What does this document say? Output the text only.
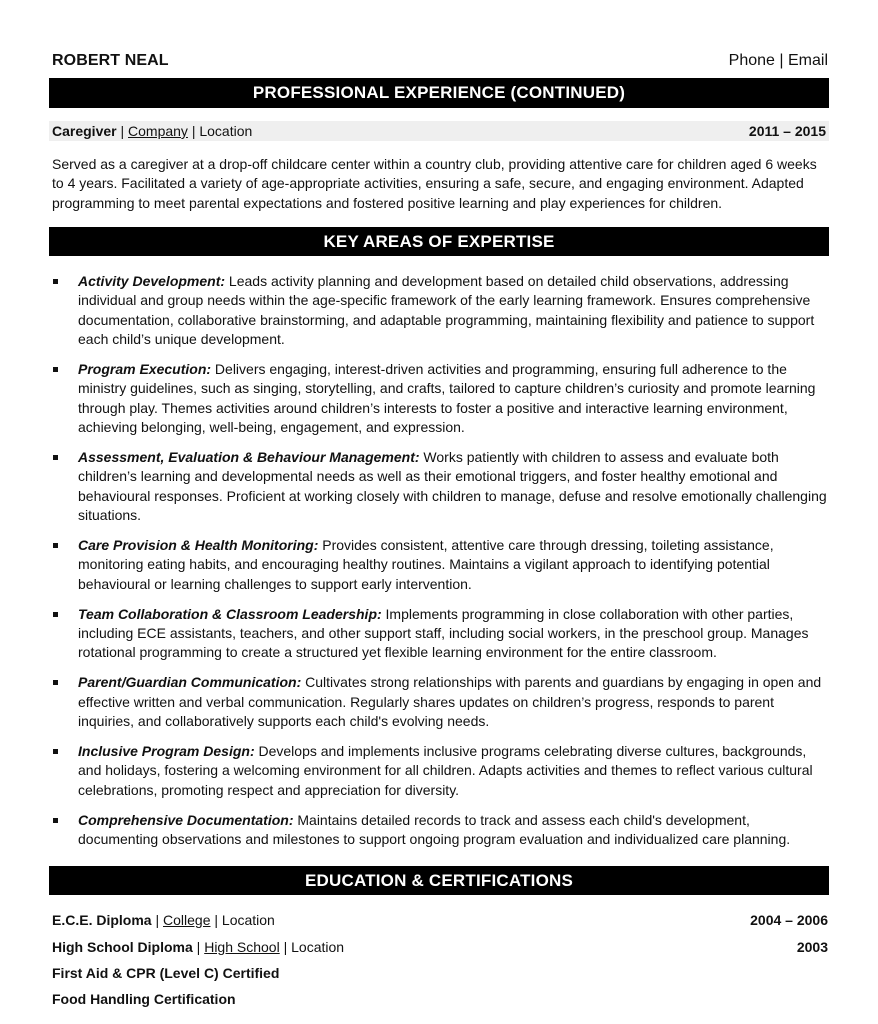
ROBERT NEAL	Phone | Email
PROFESSIONAL EXPERIENCE (CONTINUED)
Caregiver | Company | Location	2011 – 2015

Served as a caregiver at a drop-off childcare center within a country club, providing attentive care for children aged 6 weeks to 4 years. Facilitated a variety of age-appropriate activities, ensuring a safe, secure, and engaging environment. Adapted programming to meet parental expectations and fostered positive learning and play experiences for children.

KEY AREAS OF EXPERTISE
Activity Development: Leads activity planning and development based on detailed child observations, addressing individual and group needs within the age-specific framework of the early learning framework. Ensures comprehensive documentation, collaborative brainstorming, and adaptable programming, maintaining flexibility and patience to support each child’s unique development.
Program Execution: Delivers engaging, interest-driven activities and programming, ensuring full adherence to the ministry guidelines, such as singing, storytelling, and crafts, tailored to capture children’s curiosity and promote learning through play. Themes activities around children’s interests to foster a positive and interactive learning environment, achieving belonging, well-being, engagement, and expression.
Assessment, Evaluation & Behaviour Management: Works patiently with children to assess and evaluate both children’s learning and developmental needs as well as their emotional triggers, and foster healthy emotional and behavioural responses. Proficient at working closely with children to manage, defuse and resolve emotionally challenging situations.
Care Provision & Health Monitoring: Provides consistent, attentive care through dressing, toileting assistance, monitoring eating habits, and encouraging healthy routines. Maintains a vigilant approach to identifying potential behavioural or learning challenges to support early intervention.
Team Collaboration & Classroom Leadership: Implements programming in close collaboration with other parties, including ECE assistants, teachers, and other support staff, including social workers, in the preschool group. Manages rotational programming to create a structured yet flexible learning environment for the entire classroom.
Parent/Guardian Communication: Cultivates strong relationships with parents and guardians by engaging in open and effective written and verbal communication. Regularly shares updates on children’s progress, responds to parent inquiries, and collaboratively supports each child's evolving needs.
Inclusive Program Design: Develops and implements inclusive programs celebrating diverse cultures, backgrounds, and holidays, fostering a welcoming environment for all children. Adapts activities and themes to reflect various cultural celebrations, promoting respect and appreciation for diversity.
Comprehensive Documentation: Maintains detailed records to track and assess each child's development, documenting observations and milestones to support ongoing program evaluation and individualized care planning.
EDUCATION & CERTIFICATIONS
E.C.E. Diploma | College | Location	2004 – 2006
High School Diploma | High School | Location	2003
First Aid & CPR (Level C) Certified
Food Handling Certification
